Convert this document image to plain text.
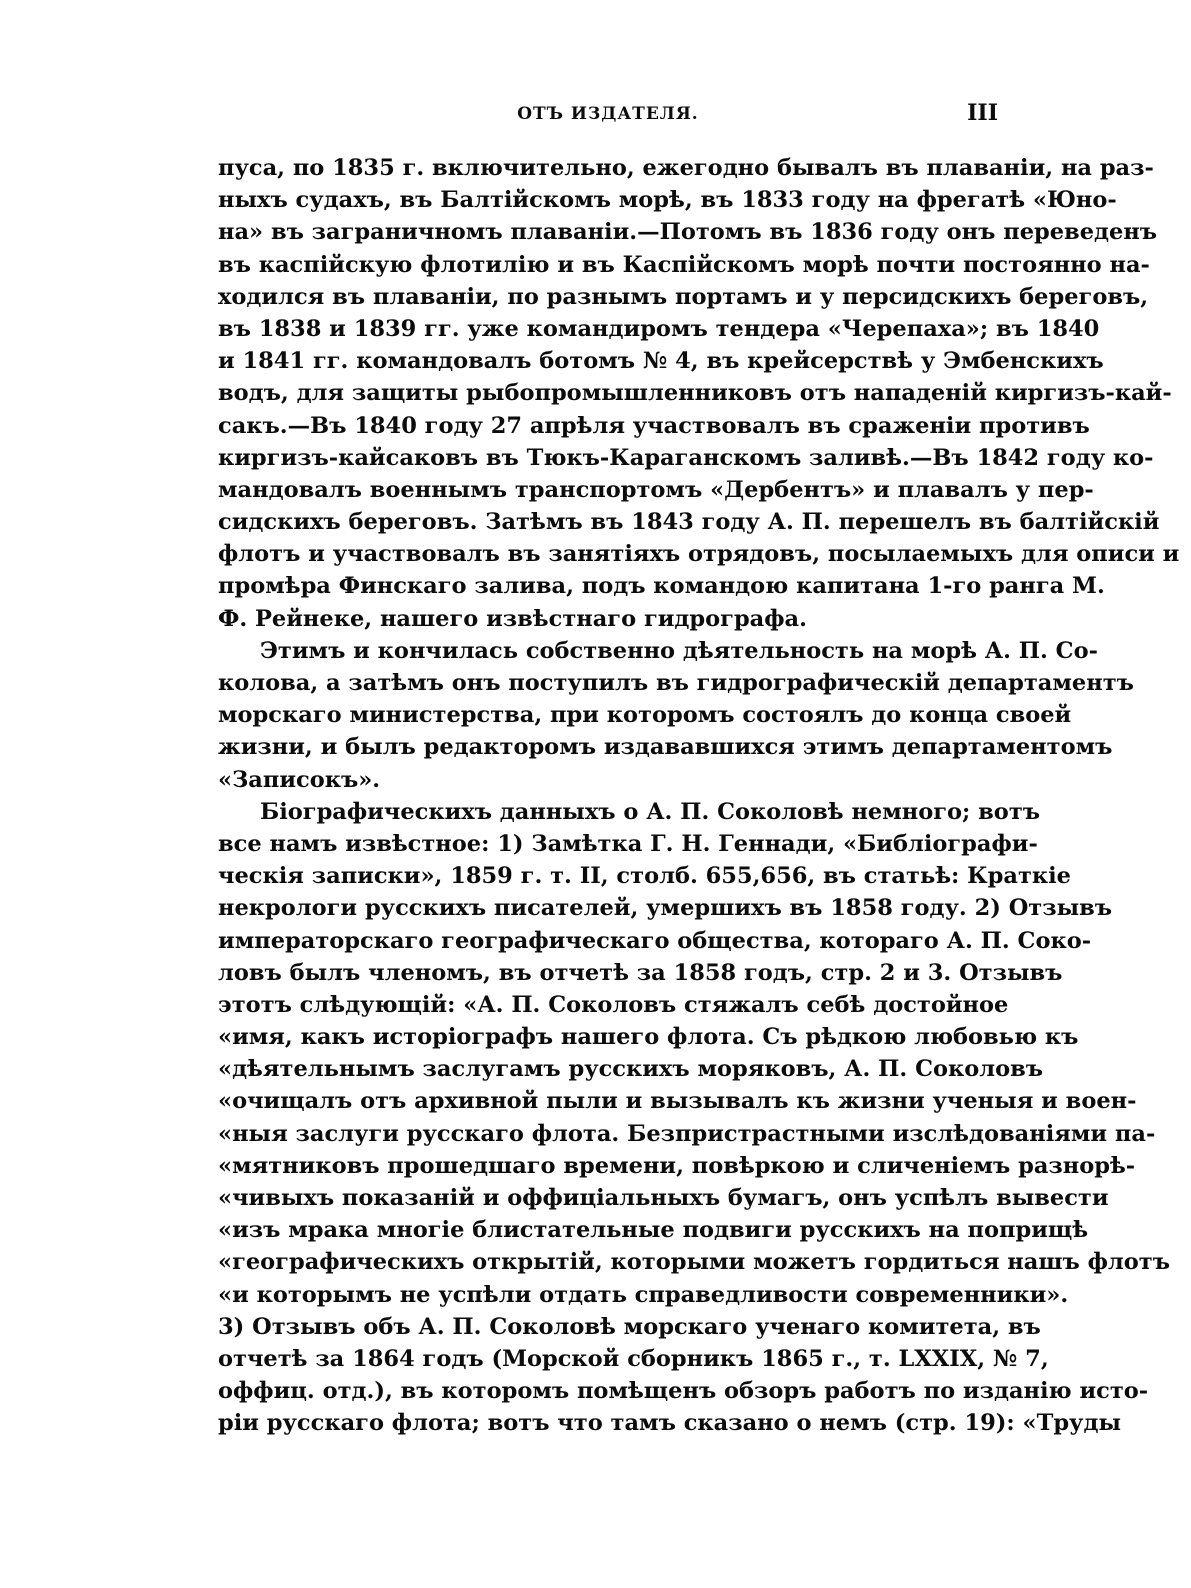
ОТЪ ИЗДАТЕЛЯ.	III
пуса, по 1835 г. включительно, ежегодно бывалъ въ плаваніи, на раз-
ныхъ судахъ, въ Балтійскомъ морѣ, въ 1833 году на фрегатѣ «Юно-
на» въ заграничномъ плаваніи.—Потомъ въ 1836 году онъ переведенъ
въ каспійскую флотилію и въ Каспійскомъ морѣ почти постоянно на-
ходился въ плаваніи, по разнымъ портамъ и у персидскихъ береговъ,
въ 1838 и 1839 гг. уже командиромъ тендера «Черепаха»; въ 1840
и 1841 гг. командовалъ ботомъ № 4, въ крейсерствѣ у Эмбенскихъ
водъ, для защиты рыбопромышленниковъ отъ нападеній киргизъ-кай-
сакъ.—Въ 1840 году 27 апрѣля участвовалъ въ сраженіи противъ
киргизъ-кайсаковъ въ Тюкъ-Караганскомъ заливѣ.—Въ 1842 году ко-
мандовалъ военнымъ транспортомъ «Дербентъ» и плавалъ у пер-
сидскихъ береговъ. Затѣмъ въ 1843 году А. П. перешелъ въ балтійскій
флотъ и участвовалъ въ занятіяхъ отрядовъ, посылаемыхъ для описи и
промѣра Финскаго залива, подъ командою капитана 1-го ранга М.
Ф. Рейнеке, нашего извѣстнаго гидрографа.
Этимъ и кончилась собственно дѣятельность на морѣ А. П. Со-
колова, а затѣмъ онъ поступилъ въ гидрографическій департаментъ
морскаго министерства, при которомъ состоялъ до конца своей
жизни, и былъ редакторомъ издававшихся этимъ департаментомъ
«Записокъ».
Біографическихъ данныхъ о А. П. Соколовѣ немного; вотъ
все намъ извѣстное: 1) Замѣтка Г. Н. Геннади, «Библіографи-
ческія записки», 1859 г. т. II, столб. 655,656, въ статьѣ: Краткіе
некрологи русскихъ писателей, умершихъ въ 1858 году. 2) Отзывъ
императорскаго географическаго общества, котораго А. П. Соко-
ловъ былъ членомъ, въ отчетѣ за 1858 годъ, стр. 2 и 3. Отзывъ
этотъ слѣдующій: «А. П. Соколовъ стяжалъ себѣ достойное
«имя, какъ исторіографъ нашего флота. Съ рѣдкою любовью къ
«дѣятельнымъ заслугамъ русскихъ моряковъ, А. П. Соколовъ
«очищалъ отъ архивной пыли и вызывалъ къ жизни ученыя и воен-
«ныя заслуги русскаго флота. Безпристрастными изслѣдованіями па-
«мятниковъ прошедшаго времени, повѣркою и сличеніемъ разнорѣ-
«чивыхъ показаній и оффиціальныхъ бумагъ, онъ успѣлъ вывести
«изъ мрака многіе блистательные подвиги русскихъ на поприщѣ
«географическихъ открытій, которыми можетъ гордиться нашъ флотъ
«и которымъ не успѣли отдать справедливости современники».
3) Отзывъ объ А. П. Соколовѣ морскаго ученаго комитета, въ
отчетѣ за 1864 годъ (Морской сборникъ 1865 г., т. LXXIX, № 7,
оффиц. отд.), въ которомъ помѣщенъ обзоръ работъ по изданію исто-
ріи русскаго флота; вотъ что тамъ сказано о немъ (стр. 19): «Труды
